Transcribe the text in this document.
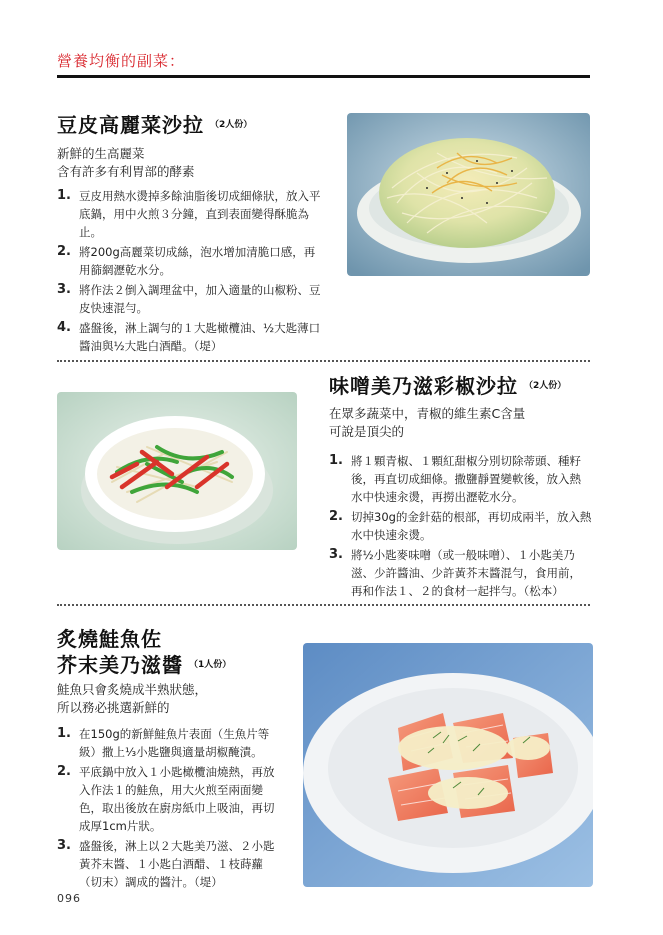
營養均衡的副菜：
豆皮高麗菜沙拉 $^{(2人份)}$
新鮮的生高麗菜
含有許多有利胃部的酵素
1. 豆皮用熱水燙掉多餘油脂後切成細條狀，放入平底鍋，用中火煎３分鐘，直到表面變得酥脆為止。
2. 將200g高麗菜切成絲，泡水增加清脆口感，再用篩網瀝乾水分。
3. 將作法２倒入調理盆中，加入適量的山椒粉、豆皮快速混勻。
4. 盛盤後，淋上調勻的１大匙橄欖油、½大匙薄口醬油與½大匙白酒醋。（堤）
味噌美乃滋彩椒沙拉 $^{(2人份)}$
在眾多蔬菜中，青椒的維生素C含量
可說是頂尖的
1. 將１顆青椒、１顆紅甜椒分別切除蒂頭、種籽後，再直切成細條。撒鹽靜置變軟後，放入熱水中快速汆燙，再撈出瀝乾水分。
2. 切掉30g的金針菇的根部，再切成兩半，放入熱水中快速汆燙。
3. 將½小匙麥味噌（或一般味噌）、１小匙美乃滋、少許醬油、少許黃芥末醬混勻，食用前，再和作法１、２的食材一起拌勻。（松本）
炙燒鮭魚佐
芥末美乃滋醬 $^{(1人份)}$
鮭魚只會炙燒成半熟狀態，
所以務必挑選新鮮的
1. 在150g的新鮮鮭魚片表面（生魚片等級）撒上⅓小匙鹽與適量胡椒醃漬。
2. 平底鍋中放入１小匙橄欖油燒熱，再放入作法１的鮭魚，用大火煎至兩面變色，取出後放在廚房紙巾上吸油，再切成厚1cm片狀。
3. 盛盤後，淋上以２大匙美乃滋、２小匙黃芥末醬、１小匙白酒醋、１枝蒔蘿（切末）調成的醬汁。（堤）
096
